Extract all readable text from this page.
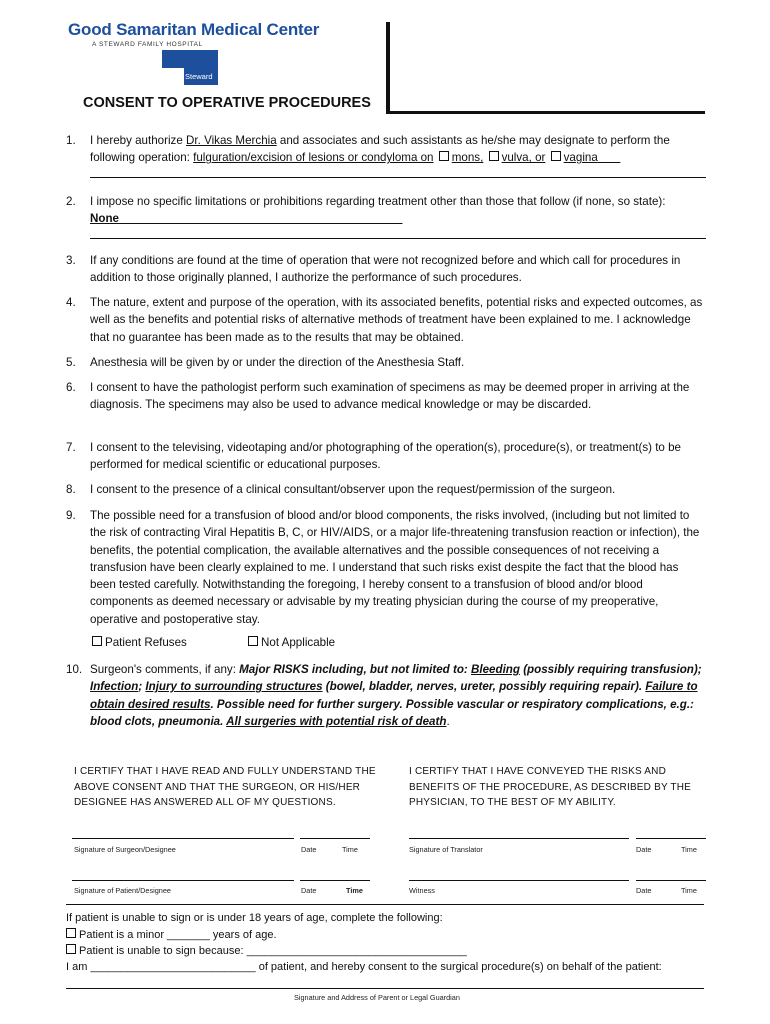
Good Samaritan Medical Center
A STEWARD FAMILY HOSPITAL
Steward
CONSENT TO OPERATIVE PROCEDURES
1. I hereby authorize Dr. Vikas Merchia and associates and such assistants as he/she may designate to perform the following operation: fulguration/excision of lesions or condyloma on mons, vulva, or vagina
2. I impose no specific limitations or prohibitions regarding treatment other than those that follow (if none, so state): None
3. If any conditions are found at the time of operation that were not recognized before and which call for procedures in addition to those originally planned, I authorize the performance of such procedures.
4. The nature, extent and purpose of the operation, with its associated benefits, potential risks and expected outcomes, as well as the benefits and potential risks of alternative methods of treatment have been explained to me. I acknowledge that no guarantee has been made as to the results that may be obtained.
5. Anesthesia will be given by or under the direction of the Anesthesia Staff.
6. I consent to have the pathologist perform such examination of specimens as may be deemed proper in arriving at the diagnosis. The specimens may also be used to advance medical knowledge or may be discarded.
7. I consent to the televising, videotaping and/or photographing of the operation(s), procedure(s), or treatment(s) to be performed for medical scientific or educational purposes.
8. I consent to the presence of a clinical consultant/observer upon the request/permission of the surgeon.
9. The possible need for a transfusion of blood and/or blood components, the risks involved, (including but not limited to the risk of contracting Viral Hepatitis B, C, or HIV/AIDS, or a major life-threatening transfusion reaction or infection), the benefits, the potential complication, the available alternatives and the possible consequences of not receiving a transfusion have been clearly explained to me. I understand that such risks exist despite the fact that the blood has been tested carefully. Notwithstanding the foregoing, I hereby consent to a transfusion of blood and/or blood components as deemed necessary or advisable by my treating physician during the course of my preoperative, operative and postoperative stay.
Patient Refuses	Not Applicable
10. Surgeon's comments, if any: Major RISKS including, but not limited to: Bleeding (possibly requiring transfusion); Infection; Injury to surrounding structures (bowel, bladder, nerves, ureter, possibly requiring repair). Failure to obtain desired results. Possible need for further surgery. Possible vascular or respiratory complications, e.g.: blood clots, pneumonia. All surgeries with potential risk of death.
I CERTIFY THAT I HAVE READ AND FULLY UNDERSTAND THE ABOVE CONSENT AND THAT THE SURGEON, OR HIS/HER DESIGNEE HAS ANSWERED ALL OF MY QUESTIONS.
I CERTIFY THAT I HAVE CONVEYED THE RISKS AND BENEFITS OF THE PROCEDURE, AS DESCRIBED BY THE PHYSICIAN, TO THE BEST OF MY ABILITY.
Signature of Surgeon/Designee	Date	Time	Signature of Translator	Date	Time
Signature of Patient/Designee	Date	Time	Witness	Date	Time
If patient is unable to sign or is under 18 years of age, complete the following:
Patient is a minor _______ years of age.
Patient is unable to sign because: ____________________________________
I am ___________________________ of patient, and hereby consent to the surgical procedure(s) on behalf of the patient:
Signature and Address of Parent or Legal Guardian
